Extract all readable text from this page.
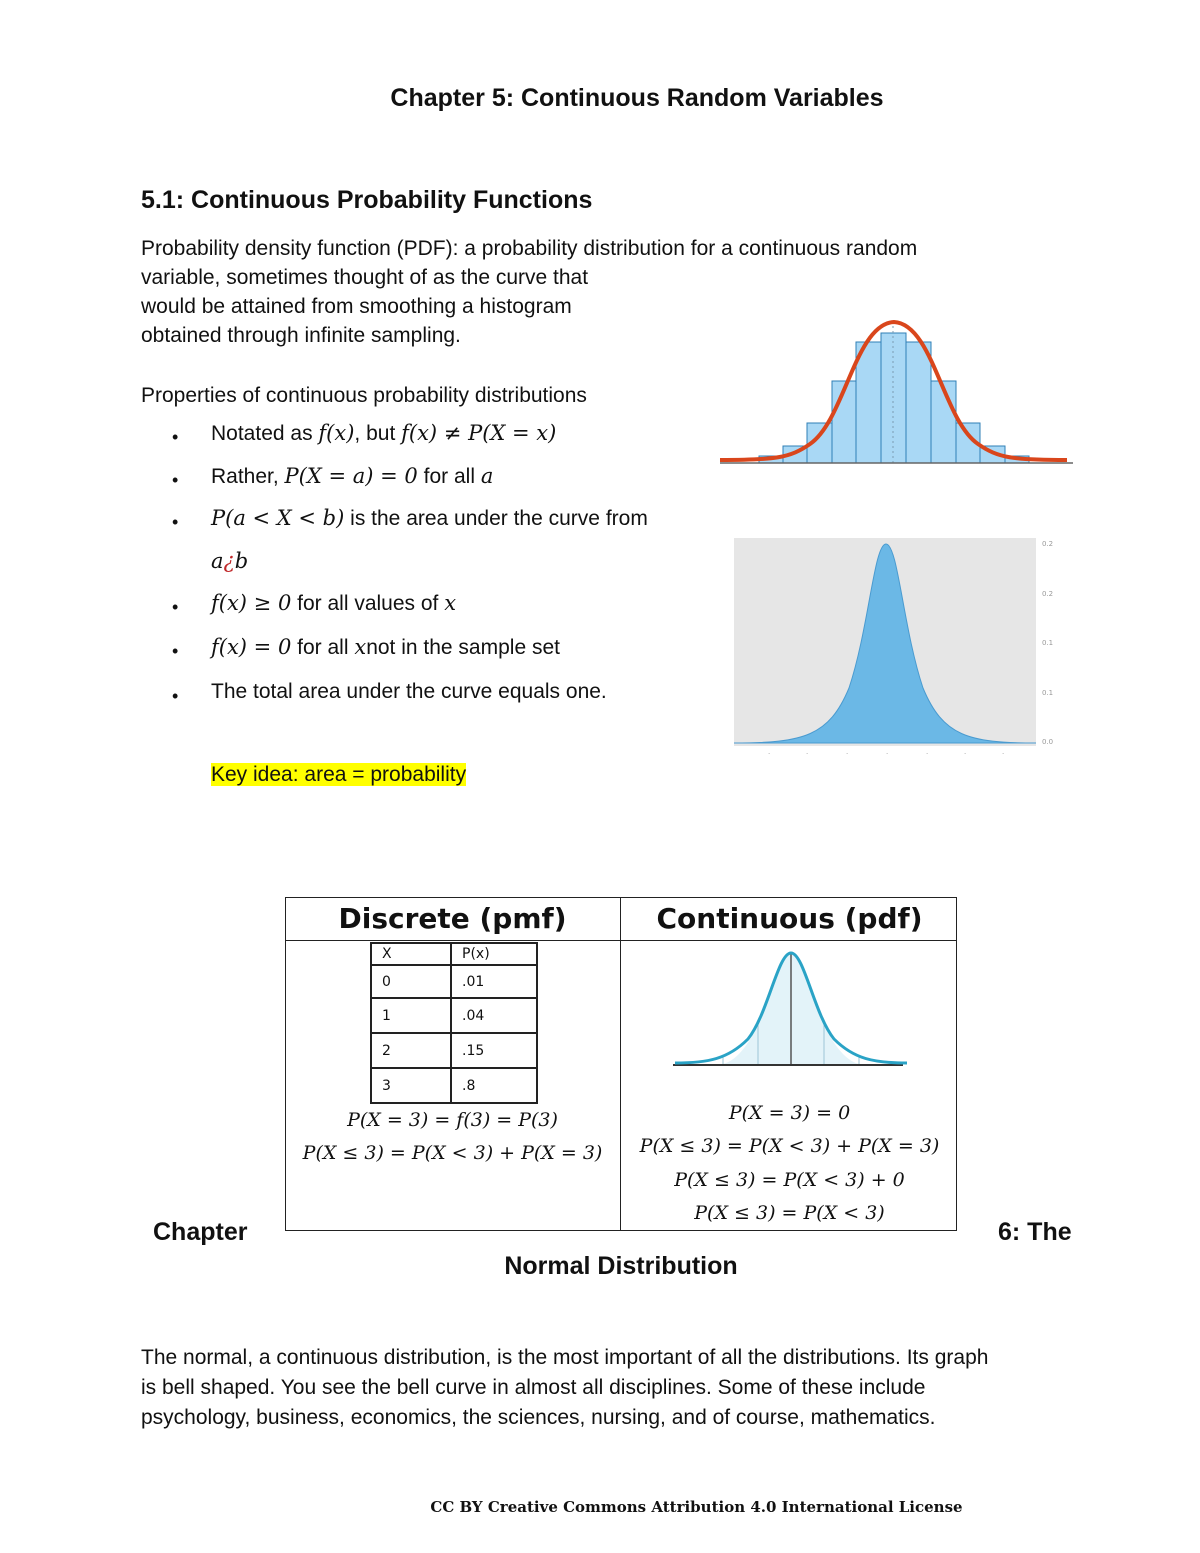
Chapter 5: Continuous Random Variables
5.1: Continuous Probability Functions
Probability density function (PDF): a probability distribution for a continuous random
variable, sometimes thought of as the curve that
would be attained from smoothing a histogram
obtained through infinite sampling.
Properties of continuous probability distributions
• Notated as f(x), but f(x) ≠ P(X = x)
• Rather, P(X = a) = 0 for all a
• P(a < X < b) is the area under the curve from
a¿b
• f(x) ≥ 0 for all values of x
• f(x) = 0 for all xnot in the sample set
• The total area under the curve equals one.
Key idea: area = probability
0.2
0.2
0.1
0.1
0.0
·	·	·	·	·	·	·
Discrete (pmf)	Continuous (pdf)
X	P(x)
0	.01
1	.04
2	.15
3	.8
P(X = 3) = f(3) = P(3)
P(X ≤ 3) = P(X < 3) + P(X = 3)
P(X = 3) = 0
P(X ≤ 3) = P(X < 3) + P(X = 3)
P(X ≤ 3) = P(X < 3) + 0
P(X ≤ 3) = P(X < 3)
Chapter	6: The
Normal Distribution
The normal, a continuous distribution, is the most important of all the distributions. Its graph
is bell shaped. You see the bell curve in almost all disciplines. Some of these include
psychology, business, economics, the sciences, nursing, and of course, mathematics.
CC BY Creative Commons Attribution 4.0 International License
